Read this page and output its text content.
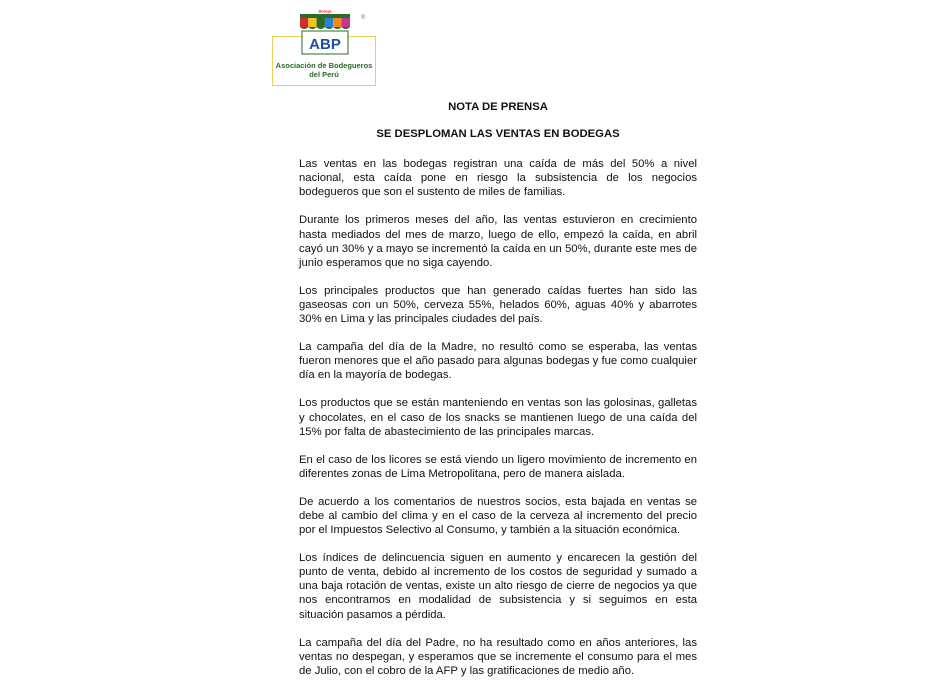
ABP
Bodega
®
Asociación de Bodegueros
del Perú

NOTA DE PRENSA

SE DESPLOMAN LAS VENTAS EN BODEGAS

Las ventas en las bodegas registran una caída de más del 50% a nivel nacional, esta caída pone en riesgo la subsistencia de los negocios bodegueros que son el sustento de miles de familias.

Durante los primeros meses del año, las ventas estuvieron en crecimiento hasta mediados del mes de marzo, luego de ello, empezó la caída, en abril cayó un 30% y a mayo se incrementó la caída en un 50%, durante este mes de junio esperamos que no siga cayendo.

Los principales productos que han generado caídas fuertes han sido las gaseosas con un 50%, cerveza 55%, helados 60%, aguas 40% y abarrotes 30% en Lima y las principales ciudades del país.

La campaña del día de la Madre, no resultó como se esperaba, las ventas fueron menores que el año pasado para algunas bodegas y fue como cualquier día en la mayoría de bodegas.

Los productos que se están manteniendo en ventas son las golosinas, galletas y chocolates, en el caso de los snacks se mantienen luego de una caída del 15% por falta de abastecimiento de las principales marcas.

En el caso de los licores se está viendo un ligero movimiento de incremento en diferentes zonas de Lima Metropolitana, pero de manera aislada.

De acuerdo a los comentarios de nuestros socios, esta bajada en ventas se debe al cambio del clima y en el caso de la cerveza al incremento del precio por el Impuestos Selectivo al Consumo, y también a la situación económica.

Los índices de delincuencia siguen en aumento y encarecen la gestión del punto de venta, debido al incremento de los costos de seguridad y sumado a una baja rotación de ventas, existe un alto riesgo de cierre de negocios ya que nos encontramos en modalidad de subsistencia y si seguimos en esta situación pasamos a pérdida.

La campaña del día del Padre, no ha resultado como en años anteriores, las ventas no despegan, y esperamos que se incremente el consumo para el mes de Julio, con el cobro de la AFP y las gratificaciones de medio año.
